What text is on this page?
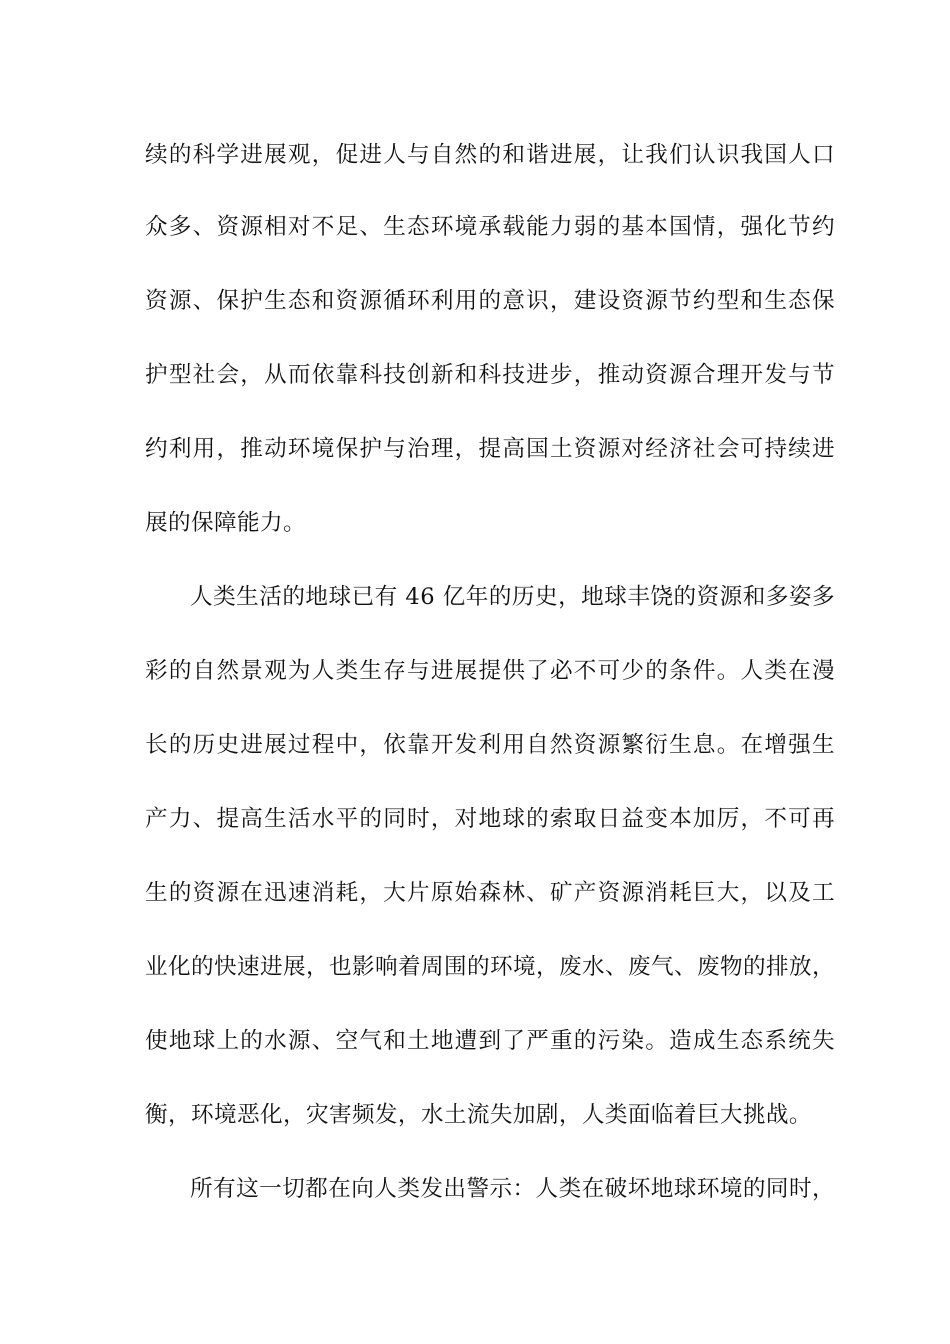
续的科学进展观，促进人与自然的和谐进展，让我们认识我国人口
众多、资源相对不足、生态环境承载能力弱的基本国情，强化节约
资源、保护生态和资源循环利用的意识，建设资源节约型和生态保
护型社会，从而依靠科技创新和科技进步，推动资源合理开发与节
约利用，推动环境保护与治理，提高国土资源对经济社会可持续进
展的保障能力。
人类生活的地球已有 46 亿年的历史，地球丰饶的资源和多姿多
彩的自然景观为人类生存与进展提供了必不可少的条件。人类在漫
长的历史进展过程中，依靠开发利用自然资源繁衍生息。在增强生
产力、提高生活水平的同时，对地球的索取日益变本加厉，不可再
生的资源在迅速消耗，大片原始森林、矿产资源消耗巨大，以及工
业化的快速进展，也影响着周围的环境，废水、废气、废物的排放，
使地球上的水源、空气和土地遭到了严重的污染。造成生态系统失
衡，环境恶化，灾害频发，水土流失加剧，人类面临着巨大挑战。
所有这一切都在向人类发出警示：人类在破坏地球环境的同时，
